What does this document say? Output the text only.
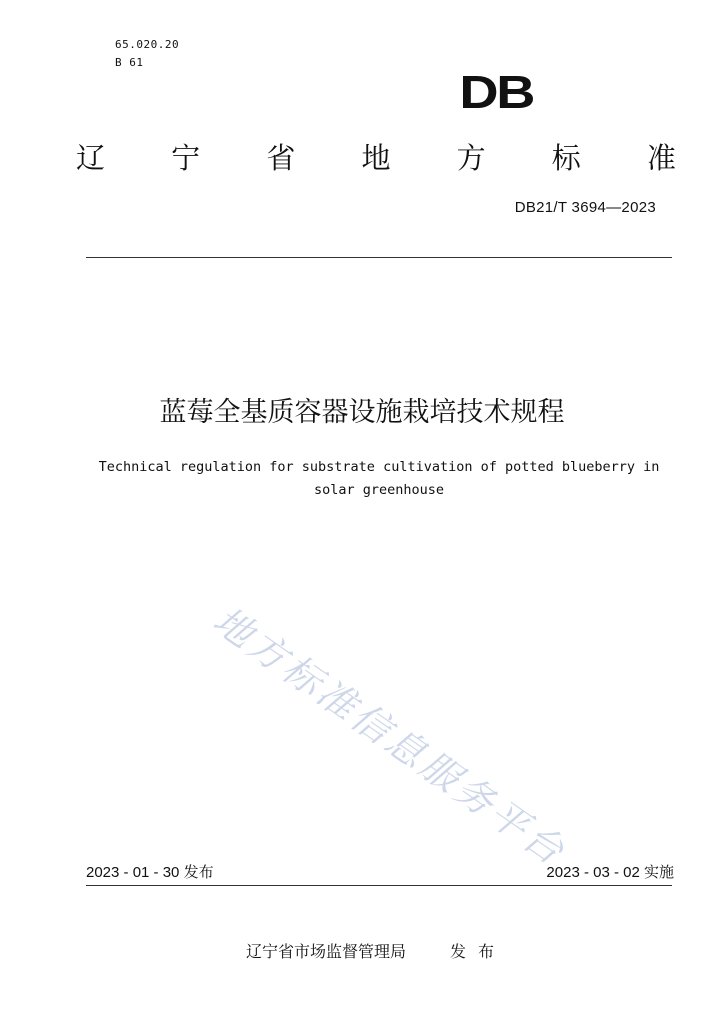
65.020.20
B 61
DB
辽 宁 省 地 方 标 准
DB21/T 3694—2023
蓝莓全基质容器设施栽培技术规程
Technical regulation for substrate cultivation of potted blueberry in solar greenhouse
地方标准信息服务平台
2023 - 01 - 30 发布	2023 - 03 - 02 实施
辽宁省市场监督管理局	发布
